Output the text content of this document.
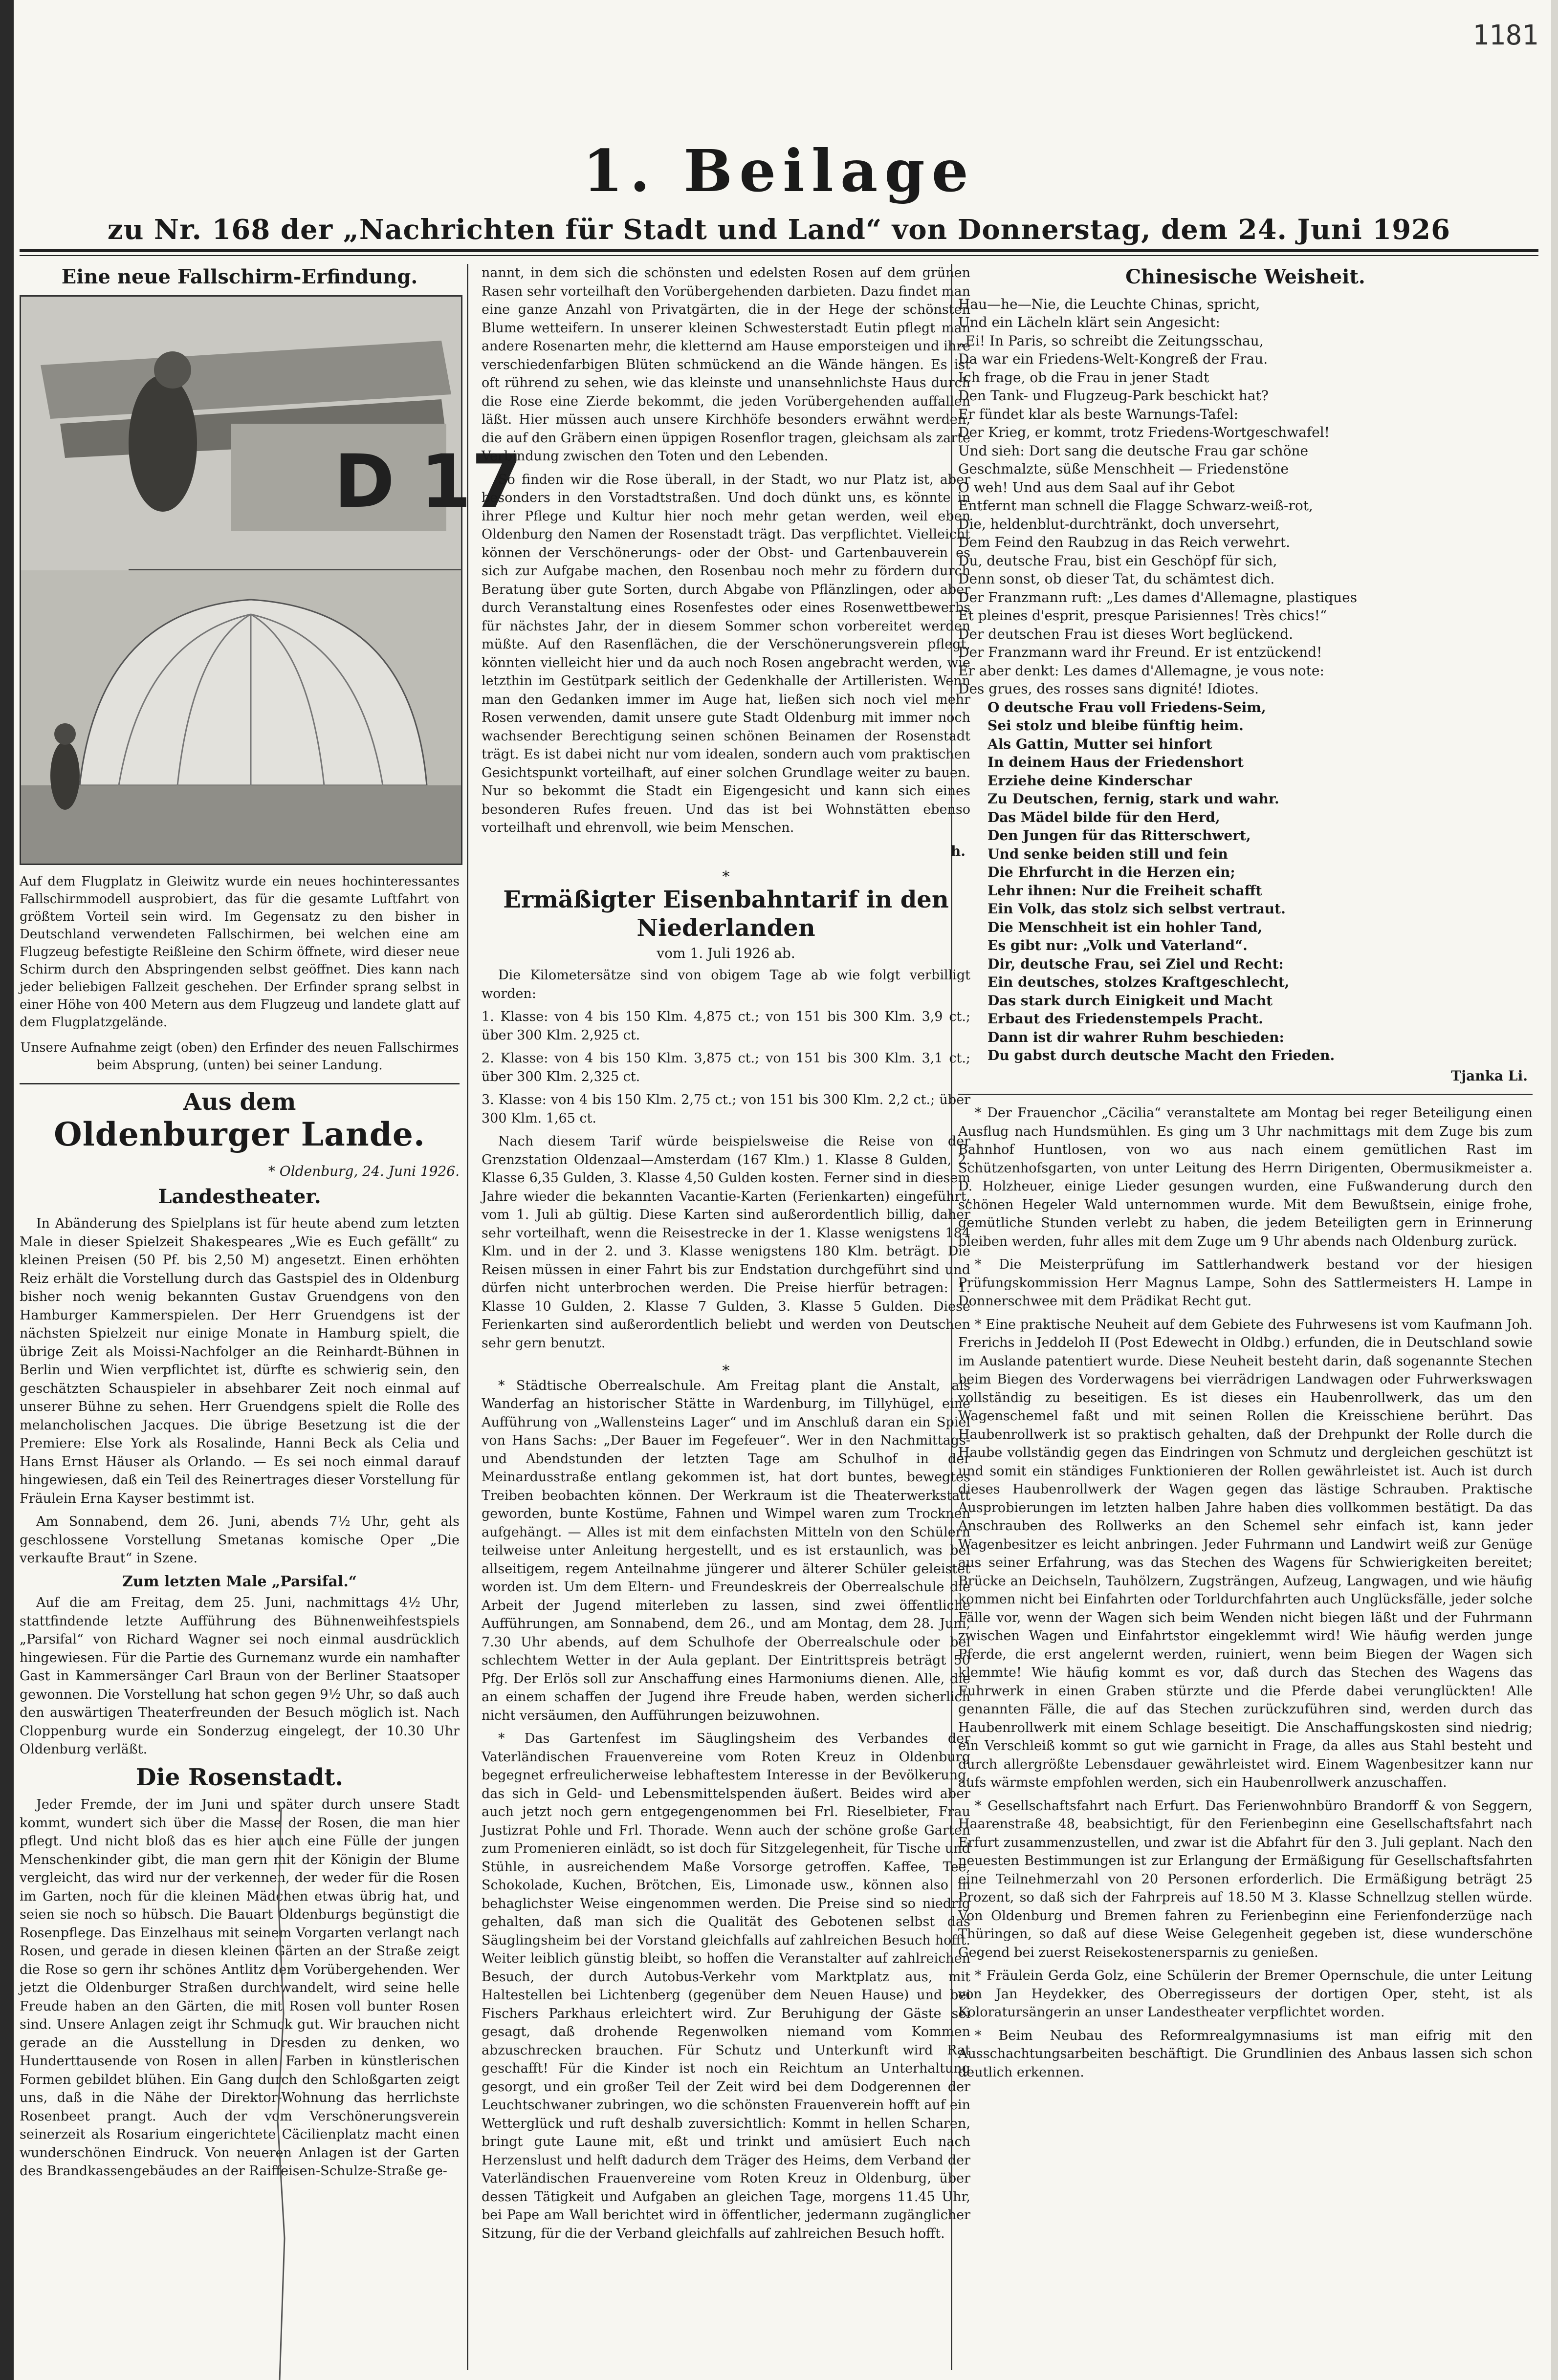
1181
1. Beilage
zu Nr. 168 der „Nachrichten für Stadt und Land“ von Donnerstag, dem 24. Juni 1926
Eine neue Fallschirm-Erfindung.
D 17
Auf dem Flugplatz in Gleiwitz wurde ein neues hochinteressantes Fallschirmmodell ausprobiert, das für die gesamte Luftfahrt von größtem Vorteil sein wird. Im Gegensatz zu den bisher in Deutschland verwendeten Fallschirmen, bei welchen eine am Flugzeug befestigte Reißleine den Schirm öffnete, wird dieser neue Schirm durch den Abspringenden selbst geöffnet. Dies kann nach jeder beliebigen Fallzeit geschehen. Der Erfinder sprang selbst in einer Höhe von 400 Metern aus dem Flugzeug und landete glatt auf dem Flugplatzgelände.
Unsere Aufnahme zeigt (oben) den Erfinder des neuen Fallschirmes beim Absprung, (unten) bei seiner Landung.
Aus dem
Oldenburger Lande.
* Oldenburg, 24. Juni 1926.
Landestheater.

In Abänderung des Spielplans ist für heute abend zum letzten Male in dieser Spielzeit Shakespeares „Wie es Euch gefällt“ zu kleinen Preisen (50 Pf. bis 2,50 M) angesetzt. Einen erhöhten Reiz erhält die Vorstellung durch das Gastspiel des in Oldenburg bisher noch wenig bekannten Gustav Gruendgens von den Hamburger Kammerspielen. Der Herr Gruendgens ist der nächsten Spielzeit nur einige Monate in Hamburg spielt, die übrige Zeit als Moissi-Nachfolger an die Reinhardt-Bühnen in Berlin und Wien verpflichtet ist, dürfte es schwierig sein, den geschätzten Schauspieler in absehbarer Zeit noch einmal auf unserer Bühne zu sehen. Herr Gruendgens spielt die Rolle des melancholischen Jacques. Die übrige Besetzung ist die der Premiere: Else York als Rosalinde, Hanni Beck als Celia und Hans Ernst Häuser als Orlando. — Es sei noch einmal darauf hingewiesen, daß ein Teil des Reinertrages dieser Vorstellung für Fräulein Erna Kayser bestimmt ist.

Am Sonnabend, dem 26. Juni, abends 7½ Uhr, geht als geschlossene Vorstellung Smetanas komische Oper „Die verkaufte Braut“ in Szene.

Zum letzten Male „Parsifal.“

Auf die am Freitag, dem 25. Juni, nachmittags 4½ Uhr, stattfindende letzte Aufführung des Bühnenweihfestspiels „Parsifal“ von Richard Wagner sei noch einmal ausdrücklich hingewiesen. Für die Partie des Gurnemanz wurde ein namhafter Gast in Kammersänger Carl Braun von der Berliner Staatsoper gewonnen. Die Vorstellung hat schon gegen 9½ Uhr, so daß auch den auswärtigen Theaterfreunden der Besuch möglich ist. Nach Cloppenburg wurde ein Sonderzug eingelegt, der 10.30 Uhr Oldenburg verläßt.

Die Rosenstadt.

Jeder Fremde, der im Juni und später durch unsere Stadt kommt, wundert sich über die Masse der Rosen, die man hier pflegt. Und nicht bloß das es hier auch eine Fülle der jungen Menschenkinder gibt, die man gern mit der Königin der Blume vergleicht, das wird nur der verkennen, der weder für die Rosen im Garten, noch für die kleinen Mädchen etwas übrig hat, und seien sie noch so hübsch. Die Bauart Oldenburgs begünstigt die Rosenpflege. Das Einzelhaus mit seinem Vorgarten verlangt nach Rosen, und gerade in diesen kleinen Gärten an der Straße zeigt die Rose so gern ihr schönes Antlitz dem Vorübergehenden. Wer jetzt die Oldenburger Straßen durchwandelt, wird seine helle Freude haben an den Gärten, die mit Rosen voll bunter Rosen sind. Unsere Anlagen zeigt ihr Schmuck gut. Wir brauchen nicht gerade an die Ausstellung in Dresden zu denken, wo Hunderttausende von Rosen in allen Farben in künstlerischen Formen gebildet blühen. Ein Gang durch den Schloßgarten zeigt uns, daß in die Nähe der Direktor-Wohnung das herrlichste Rosenbeet prangt. Auch der vom Verschönerungsverein seinerzeit als Rosarium eingerichtete Cäcilienplatz macht einen wunderschönen Eindruck. Von neueren Anlagen ist der Garten des Brandkassengebäudes an der Raiffeisen-Schulze-Straße ge-

nannt, in dem sich die schönsten und edelsten Rosen auf dem grünen Rasen sehr vorteilhaft den Vorübergehenden darbieten. Dazu findet man eine ganze Anzahl von Privatgärten, die in der Hege der schönsten Blume wetteifern. In unserer kleinen Schwesterstadt Eutin pflegt man andere Rosenarten mehr, die kletternd am Hause emporsteigen und ihre verschiedenfarbigen Blüten schmückend an die Wände hängen. Es ist oft rührend zu sehen, wie das kleinste und unansehnlichste Haus durch die Rose eine Zierde bekommt, die jeden Vorübergehenden auffallen läßt. Hier müssen auch unsere Kirchhöfe besonders erwähnt werden, die auf den Gräbern einen üppigen Rosenflor tragen, gleichsam als zarte Verbindung zwischen den Toten und den Lebenden.

So finden wir die Rose überall, in der Stadt, wo nur Platz ist, aber besonders in den Vorstadtstraßen. Und doch dünkt uns, es könnte in ihrer Pflege und Kultur hier noch mehr getan werden, weil eben Oldenburg den Namen der Rosenstadt trägt. Das verpflichtet. Vielleicht können der Verschönerungs- oder der Obst- und Gartenbauverein es sich zur Aufgabe machen, den Rosenbau noch mehr zu fördern durch Beratung über gute Sorten, durch Abgabe von Pflänzlingen, oder aber durch Veranstaltung eines Rosenfestes oder eines Rosenwettbewerbs für nächstes Jahr, der in diesem Sommer schon vorbereitet werden müßte. Auf den Rasenflächen, die der Verschönerungsverein pflegt, könnten vielleicht hier und da auch noch Rosen angebracht werden, wie letzthin im Gestütpark seitlich der Gedenkhalle der Artilleristen. Wenn man den Gedanken immer im Auge hat, ließen sich noch viel mehr Rosen verwenden, damit unsere gute Stadt Oldenburg mit immer noch wachsender Berechtigung seinen schönen Beinamen der Rosenstadt trägt. Es ist dabei nicht nur vom idealen, sondern auch vom praktischen Gesichtspunkt vorteilhaft, auf einer solchen Grundlage weiter zu bauen. Nur so bekommt die Stadt ein Eigengesicht und kann sich eines besonderen Rufes freuen. Und das ist bei Wohnstätten ebenso vorteilhaft und ehrenvoll, wie beim Menschen.

h.
⁎
Ermäßigter Eisenbahntarif in den Niederlanden
vom 1. Juli 1926 ab.

Die Kilometersätze sind von obigem Tage ab wie folgt verbilligt worden:

1. Klasse: von 4 bis 150 Klm. 4,875 ct.; von 151 bis 300 Klm. 3,9 ct.; über 300 Klm. 2,925 ct.

2. Klasse: von 4 bis 150 Klm. 3,875 ct.; von 151 bis 300 Klm. 3,1 ct.; über 300 Klm. 2,325 ct.

3. Klasse: von 4 bis 150 Klm. 2,75 ct.; von 151 bis 300 Klm. 2,2 ct.; über 300 Klm. 1,65 ct.

Nach diesem Tarif würde beispielsweise die Reise von der Grenzstation Oldenzaal—Amsterdam (167 Klm.) 1. Klasse 8 Gulden, 2. Klasse 6,35 Gulden, 3. Klasse 4,50 Gulden kosten. Ferner sind in diesem Jahre wieder die bekannten Vacantie-Karten (Ferienkarten) eingeführt, vom 1. Juli ab gültig. Diese Karten sind außerordentlich billig, daher sehr vorteilhaft, wenn die Reisestrecke in der 1. Klasse wenigstens 184 Klm. und in der 2. und 3. Klasse wenigstens 180 Klm. beträgt. Die Reisen müssen in einer Fahrt bis zur Endstation durchgeführt sind und dürfen nicht unterbrochen werden. Die Preise hierfür betragen: 1. Klasse 10 Gulden, 2. Klasse 7 Gulden, 3. Klasse 5 Gulden. Diese Ferienkarten sind außerordentlich beliebt und werden von Deutschen sehr gern benutzt.

⁎

* Städtische Oberrealschule. Am Freitag plant die Anstalt, als Wanderfag an historischer Stätte in Wardenburg, im Tillyhügel, eine Aufführung von „Wallensteins Lager“ und im Anschluß daran ein Spiel von Hans Sachs: „Der Bauer im Fegefeuer“. Wer in den Nachmittags- und Abendstunden der letzten Tage am Schulhof in der Meinardusstraße entlang gekommen ist, hat dort buntes, bewegtes Treiben beobachten können. Der Werkraum ist die Theaterwerkstatt geworden, bunte Kostüme, Fahnen und Wimpel waren zum Trocknen aufgehängt. — Alles ist mit dem einfachsten Mitteln von den Schülern teilweise unter Anleitung hergestellt, und es ist erstaunlich, was bei allseitigem, regem Anteilnahme jüngerer und älterer Schüler geleistet worden ist. Um dem Eltern- und Freundeskreis der Oberrealschule die Arbeit der Jugend miterleben zu lassen, sind zwei öffentliche Aufführungen, am Sonnabend, dem 26., und am Montag, dem 28. Juni, 7.30 Uhr abends, auf dem Schulhofe der Oberrealschule oder bei schlechtem Wetter in der Aula geplant. Der Eintrittspreis beträgt 50 Pfg. Der Erlös soll zur Anschaffung eines Harmoniums dienen. Alle, die an einem schaffen der Jugend ihre Freude haben, werden sicherlich nicht versäumen, den Aufführungen beizuwohnen.

* Das Gartenfest im Säuglingsheim des Verbandes der Vaterländischen Frauenvereine vom Roten Kreuz in Oldenburg begegnet erfreulicherweise lebhaftestem Interesse in der Bevölkerung, das sich in Geld- und Lebensmittelspenden äußert. Beides wird aber auch jetzt noch gern entgegengenommen bei Frl. Rieselbieter, Frau Justizrat Pohle und Frl. Thorade. Wenn auch der schöne große Garten zum Promenieren einlädt, so ist doch für Sitzgelegenheit, für Tische und Stühle, in ausreichendem Maße Vorsorge getroffen. Kaffee, Tee, Schokolade, Kuchen, Brötchen, Eis, Limonade usw., können also in behaglichster Weise eingenommen werden. Die Preise sind so niedrig gehalten, daß man sich die Qualität des Gebotenen selbst das Säuglingsheim bei der Vorstand gleichfalls auf zahlreichen Besuch hofft. Weiter leiblich günstig bleibt, so hoffen die Veranstalter auf zahlreichen Besuch, der durch Autobus-Verkehr vom Marktplatz aus, mit Haltestellen bei Lichtenberg (gegenüber dem Neuen Hause) und bei Fischers Parkhaus erleichtert wird. Zur Beruhigung der Gäste sei gesagt, daß drohende Regenwolken niemand vom Kommen abzuschrecken brauchen. Für Schutz und Unterkunft wird Rat geschafft! Für die Kinder ist noch ein Reichtum an Unterhaltung gesorgt, und ein großer Teil der Zeit wird bei dem Dodgerennen der Leuchtschwaner zubringen, wo die schönsten Frauenverein hofft auf ein Wetterglück und ruft deshalb zuversichtlich: Kommt in hellen Scharen, bringt gute Laune mit, eßt und trinkt und amüsiert Euch nach Herzenslust und helft dadurch dem Träger des Heims, dem Verband der Vaterländischen Frauenvereine vom Roten Kreuz in Oldenburg, über dessen Tätigkeit und Aufgaben an gleichen Tage, morgens 11.45 Uhr, bei Pape am Wall berichtet wird in öffentlicher, jedermann zugänglicher Sitzung, für die der Verband gleichfalls auf zahlreichen Besuch hofft.

Chinesische Weisheit.
Hau—he—Nie, die Leuchte Chinas, spricht,
Und ein Lächeln klärt sein Angesicht:
„Ei! In Paris, so schreibt die Zeitungsschau,
Da war ein Friedens-Welt-Kongreß der Frau.
Ich frage, ob die Frau in jener Stadt
Den Tank- und Flugzeug-Park beschickt hat?
Er fündet klar als beste Warnungs-Tafel:
Der Krieg, er kommt, trotz Friedens-Wortgeschwafel!
Und sieh: Dort sang die deutsche Frau gar schöne
Geschmalzte, süße Menschheit — Friedenstöne
O weh! Und aus dem Saal auf ihr Gebot
Entfernt man schnell die Flagge Schwarz-weiß-rot,
Die, heldenblut-durchtränkt, doch unversehrt,
Dem Feind den Raubzug in das Reich verwehrt.
Du, deutsche Frau, bist ein Geschöpf für sich,
Denn sonst, ob dieser Tat, du schämtest dich.
Der Franzmann ruft: „Les dames d'Allemagne, plastiques
Et pleines d'esprit, presque Parisiennes! Très chics!“
Der deutschen Frau ist dieses Wort beglückend.
Der Franzmann ward ihr Freund. Er ist entzückend!
Er aber denkt: Les dames d'Allemagne, je vous note:
Des grues, des rosses sans dignité! Idiotes.
O deutsche Frau voll Friedens-Seim,
Sei stolz und bleibe fünftig heim.
Als Gattin, Mutter sei hinfort
In deinem Haus der Friedenshort
Erziehe deine Kinderschar
Zu Deutschen, fernig, stark und wahr.
Das Mädel bilde für den Herd,
Den Jungen für das Ritterschwert,
Und senke beiden still und fein
Die Ehrfurcht in die Herzen ein;
Lehr ihnen: Nur die Freiheit schafft
Ein Volk, das stolz sich selbst vertraut.
Die Menschheit ist ein hohler Tand,
Es gibt nur: „Volk und Vaterland“.
Dir, deutsche Frau, sei Ziel und Recht:
Ein deutsches, stolzes Kraftgeschlecht,
Das stark durch Einigkeit und Macht
Erbaut des Friedenstempels Pracht.
Dann ist dir wahrer Ruhm beschieden:
Du gabst durch deutsche Macht den Frieden.
Tjanka Li.

* Der Frauenchor „Cäcilia“ veranstaltete am Montag bei reger Beteiligung einen Ausflug nach Hundsmühlen. Es ging um 3 Uhr nachmittags mit dem Zuge bis zum Bahnhof Huntlosen, von wo aus nach einem gemütlichen Rast im Schützenhofsgarten, von unter Leitung des Herrn Dirigenten, Obermusikmeister a. D. Holzheuer, einige Lieder gesungen wurden, eine Fußwanderung durch den schönen Hegeler Wald unternommen wurde. Mit dem Bewußtsein, einige frohe, gemütliche Stunden verlebt zu haben, die jedem Beteiligten gern in Erinnerung bleiben werden, fuhr alles mit dem Zuge um 9 Uhr abends nach Oldenburg zurück.

* Die Meisterprüfung im Sattlerhandwerk bestand vor der hiesigen Prüfungskommission Herr Magnus Lampe, Sohn des Sattlermeisters H. Lampe in Donnerschwee mit dem Prädikat Recht gut.

* Eine praktische Neuheit auf dem Gebiete des Fuhrwesens ist vom Kaufmann Joh. Frerichs in Jeddeloh II (Post Edewecht in Oldbg.) erfunden, die in Deutschland sowie im Auslande patentiert wurde. Diese Neuheit besteht darin, daß sogenannte Stechen beim Biegen des Vorderwagens bei vierrädrigen Landwagen oder Fuhrwerkswagen vollständig zu beseitigen. Es ist dieses ein Haubenrollwerk, das um den Wagenschemel faßt und mit seinen Rollen die Kreisschiene berührt. Das Haubenrollwerk ist so praktisch gehalten, daß der Drehpunkt der Rolle durch die Haube vollständig gegen das Eindringen von Schmutz und dergleichen geschützt ist und somit ein ständiges Funktionieren der Rollen gewährleistet ist. Auch ist durch dieses Haubenrollwerk der Wagen gegen das lästige Schrauben. Praktische Ausprobierungen im letzten halben Jahre haben dies vollkommen bestätigt. Da das Anschrauben des Rollwerks an den Schemel sehr einfach ist, kann jeder Wagenbesitzer es leicht anbringen. Jeder Fuhrmann und Landwirt weiß zur Genüge aus seiner Erfahrung, was das Stechen des Wagens für Schwierigkeiten bereitet; Brücke an Deichseln, Tauhölzern, Zugsträngen, Aufzeug, Langwagen, und wie häufig kommen nicht bei Einfahrten oder Torldurchfahrten auch Unglücksfälle, jeder solche Fälle vor, wenn der Wagen sich beim Wenden nicht biegen läßt und der Fuhrmann zwischen Wagen und Einfahrtstor eingeklemmt wird! Wie häufig werden junge Pferde, die erst angelernt werden, ruiniert, wenn beim Biegen der Wagen sich klemmte! Wie häufig kommt es vor, daß durch das Stechen des Wagens das Fuhrwerk in einen Graben stürzte und die Pferde dabei verunglückten! Alle genannten Fälle, die auf das Stechen zurückzuführen sind, werden durch das Haubenrollwerk mit einem Schlage beseitigt. Die Anschaffungskosten sind niedrig; ein Verschleiß kommt so gut wie garnicht in Frage, da alles aus Stahl besteht und durch allergrößte Lebensdauer gewährleistet wird. Einem Wagenbesitzer kann nur aufs wärmste empfohlen werden, sich ein Haubenrollwerk anzuschaffen.

* Gesellschaftsfahrt nach Erfurt. Das Ferienwohnbüro Brandorff & von Seggern, Haarenstraße 48, beabsichtigt, für den Ferienbeginn eine Gesellschaftsfahrt nach Erfurt zusammenzustellen, und zwar ist die Abfahrt für den 3. Juli geplant. Nach den neuesten Bestimmungen ist zur Erlangung der Ermäßigung für Gesellschaftsfahrten eine Teilnehmerzahl von 20 Personen erforderlich. Die Ermäßigung beträgt 25 Prozent, so daß sich der Fahrpreis auf 18.50 M 3. Klasse Schnellzug stellen würde. Von Oldenburg und Bremen fahren zu Ferienbeginn eine Ferienfonderzüge nach Thüringen, so daß auf diese Weise Gelegenheit gegeben ist, diese wunderschöne Gegend bei zuerst Reisekostenersparnis zu genießen.

* Fräulein Gerda Golz, eine Schülerin der Bremer Opernschule, die unter Leitung von Jan Heydekker, des Oberregisseurs der dortigen Oper, steht, ist als Koloratursängerin an unser Landestheater verpflichtet worden.

* Beim Neubau des Reformrealgymnasiums ist man eifrig mit den Ausschachtungsarbeiten beschäftigt. Die Grundlinien des Anbaus lassen sich schon deutlich erkennen.
